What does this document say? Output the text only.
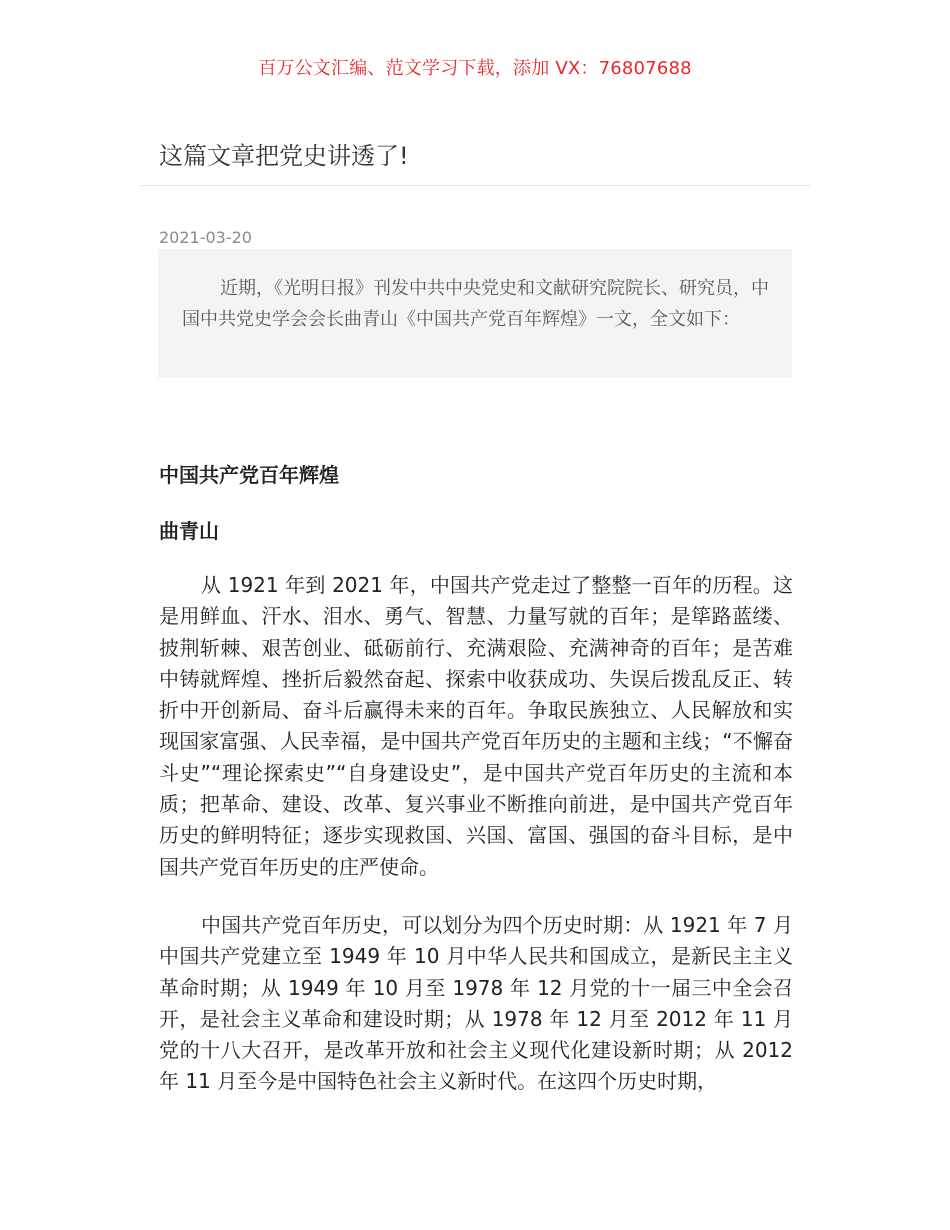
百万公文汇编、范文学习下载，添加 VX：76807688
这篇文章把党史讲透了!
2021-03-20
近期，《光明日报》刊发中共中央党史和文献研究院院长、研究员，中国中共党史学会会长曲青山《中国共产党百年辉煌》一文，全文如下：
中国共产党百年辉煌
曲青山

从 1921 年到 2021 年，中国共产党走过了整整一百年的历程。这是用鲜血、汗水、泪水、勇气、智慧、力量写就的百年；是筚路蓝缕、披荆斩棘、艰苦创业、砥砺前行、充满艰险、充满神奇的百年；是苦难中铸就辉煌、挫折后毅然奋起、探索中收获成功、失误后拨乱反正、转折中开创新局、奋斗后赢得未来的百年。争取民族独立、人民解放和实现国家富强、人民幸福，是中国共产党百年历史的主题和主线；“不懈奋斗史”“理论探索史”“自身建设史”，是中国共产党百年历史的主流和本质；把革命、建设、改革、复兴事业不断推向前进，是中国共产党百年历史的鲜明特征；逐步实现救国、兴国、富国、强国的奋斗目标，是中国共产党百年历史的庄严使命。

中国共产党百年历史，可以划分为四个历史时期：从 1921 年 7 月中国共产党建立至 1949 年 10 月中华人民共和国成立，是新民主主义革命时期；从 1949 年 10 月至 1978 年 12 月党的十一届三中全会召开，是社会主义革命和建设时期；从 1978 年 12 月至 2012 年 11 月党的十八大召开，是改革开放和社会主义现代化建设新时期；从 2012 年 11 月至今是中国特色社会主义新时代。在这四个历史时期，
